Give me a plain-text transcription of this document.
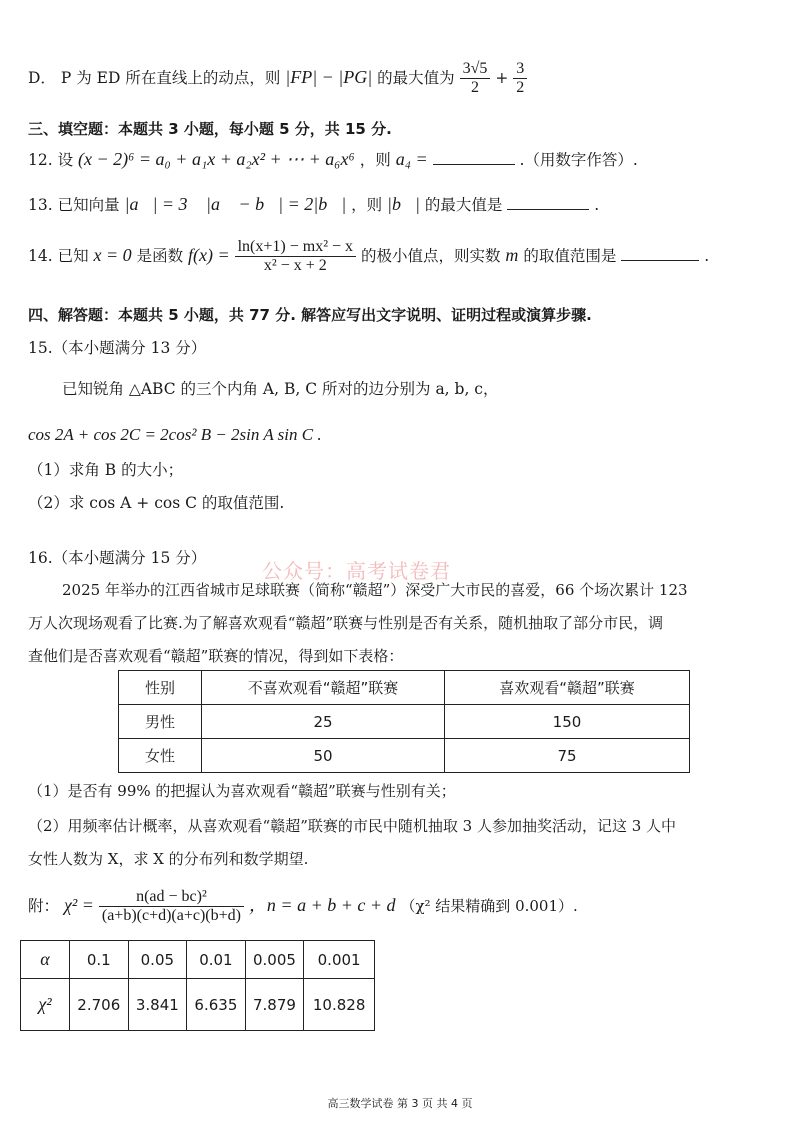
D． P 为 ED 所在直线上的动点，则 |FP| − |PG| 的最大值为 $\frac{3√5}{2} + \frac{3}{2}$
三、填空题：本题共 3 小题，每小题 5 分，共 15 分.
12. 设 (x − 2)⁶ = a₀ + a₁x + a₂x² + ⋯ + a₆x⁶ ，则 a₄ =	.（用数字作答）.
13. 已知向量 |a⃗| = 3 ，|a⃗ − b⃗| = 2|b⃗| ，则 |b⃗| 的最大值是	.
14. 已知 x = 0 是函数 $f(x) = \frac{\text{ln(x+1) − mx² − x}}{\text{x² − x + 2}}$ 的极小值点，则实数 m 的取值范围是	.
四、解答题：本题共 5 小题，共 77 分. 解答应写出文字说明、证明过程或演算步骤.
15.（本小题满分 13 分）
已知锐角 △ABC 的三个内角 A, B, C 所对的边分别为 a, b, c，
cos 2A + cos 2C = 2cos² B − 2sin A sin C .
（1）求角 B 的大小；
（2）求 cos A + cos C 的取值范围.
16.（本小题满分 15 分）
公众号：高考试卷君
2025 年举办的江西省城市足球联赛（简称“赣超”）深受广大市民的喜爱，66 个场次累计 123
万人次现场观看了比赛.为了解喜欢观看“赣超”联赛与性别是否有关系，随机抽取了部分市民，调
查他们是否喜欢观看“赣超”联赛的情况，得到如下表格：
性别	不喜欢观看“赣超”联赛	喜欢观看“赣超”联赛
男性	25	150
女性	50	75
（1）是否有 99% 的把握认为喜欢观看“赣超”联赛与性别有关；
（2）用频率估计概率，从喜欢观看“赣超”联赛的市民中随机抽取 3 人参加抽奖活动，记这 3 人中
女性人数为 X，求 X 的分布列和数学期望.
附： $\chi^2 = \frac{\text{n(ad − bc)²}}{(a+b)(c+d)(a+c)(b+d)}$ ，n = a + b + c + d （χ² 结果精确到 0.001）.
α	0.1	0.05	0.01	0.005	0.001
χ²	2.706	3.841	6.635	7.879	10.828
高三数学试卷 第 3 页 共 4 页
